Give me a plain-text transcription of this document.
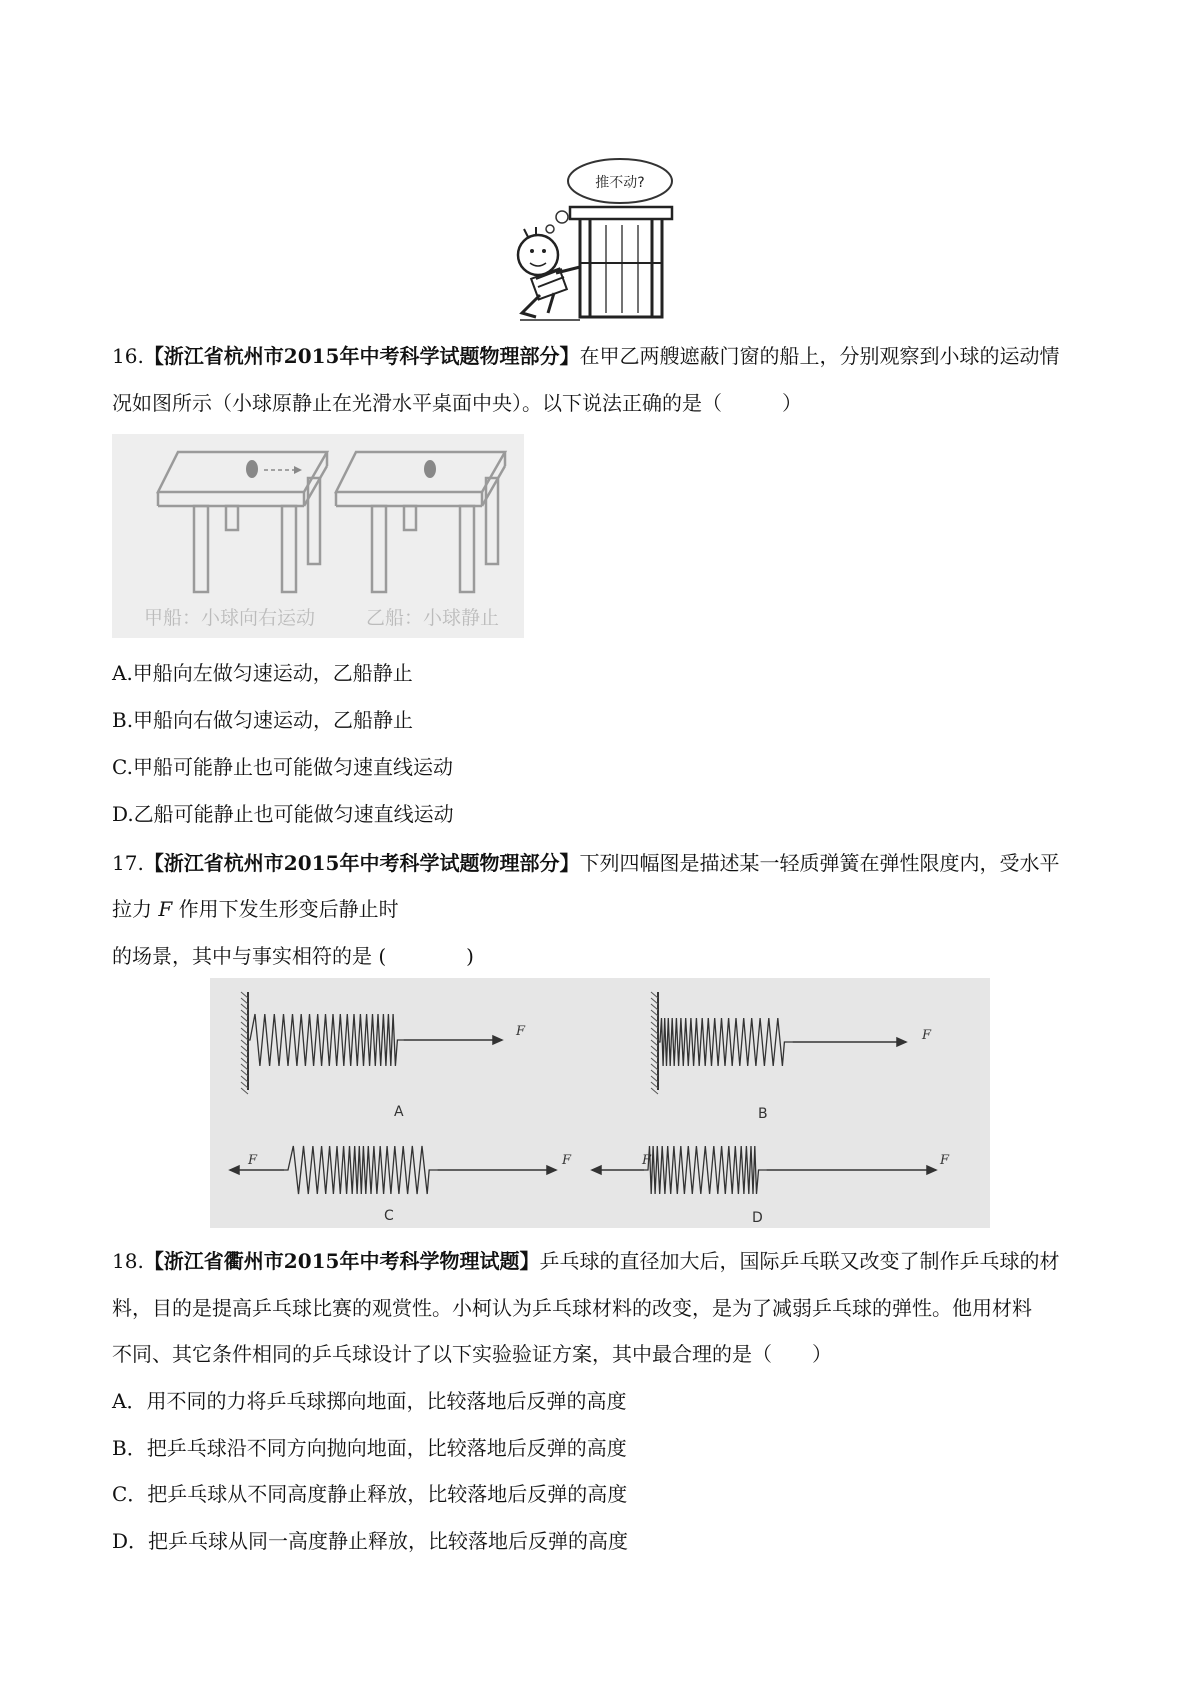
推不动?
16.【浙江省杭州市2015年中考科学试题物理部分】在甲乙两艘遮蔽门窗的船上，分别观察到小球的运动情
况如图所示（小球原静止在光滑水平桌面中央）。以下说法正确的是（　　　）
甲船：小球向右运动	乙船：小球静止
A.甲船向左做匀速运动，乙船静止
B.甲船向右做匀速运动，乙船静止
C.甲船可能静止也可能做匀速直线运动
D.乙船可能静止也可能做匀速直线运动
17.【浙江省杭州市2015年中考科学试题物理部分】下列四幅图是描述某一轻质弹簧在弹性限度内，受水平
拉力 F 作用下发生形变后静止时
的场景，其中与事实相符的是 (　　　　)
A	B
C	D
F	F
F	F	F	F
18.【浙江省衢州市2015年中考科学物理试题】乒乓球的直径加大后，国际乒乓联又改变了制作乒乓球的材
料，目的是提高乒乓球比赛的观赏性。小柯认为乒乓球材料的改变，是为了减弱乒乓球的弹性。他用材料
不同、其它条件相同的乒乓球设计了以下实验验证方案，其中最合理的是（　　）
A．用不同的力将乒乓球掷向地面，比较落地后反弹的高度
B．把乒乓球沿不同方向抛向地面，比较落地后反弹的高度
C．把乒乓球从不同高度静止释放，比较落地后反弹的高度
D．把乒乓球从同一高度静止释放，比较落地后反弹的高度
